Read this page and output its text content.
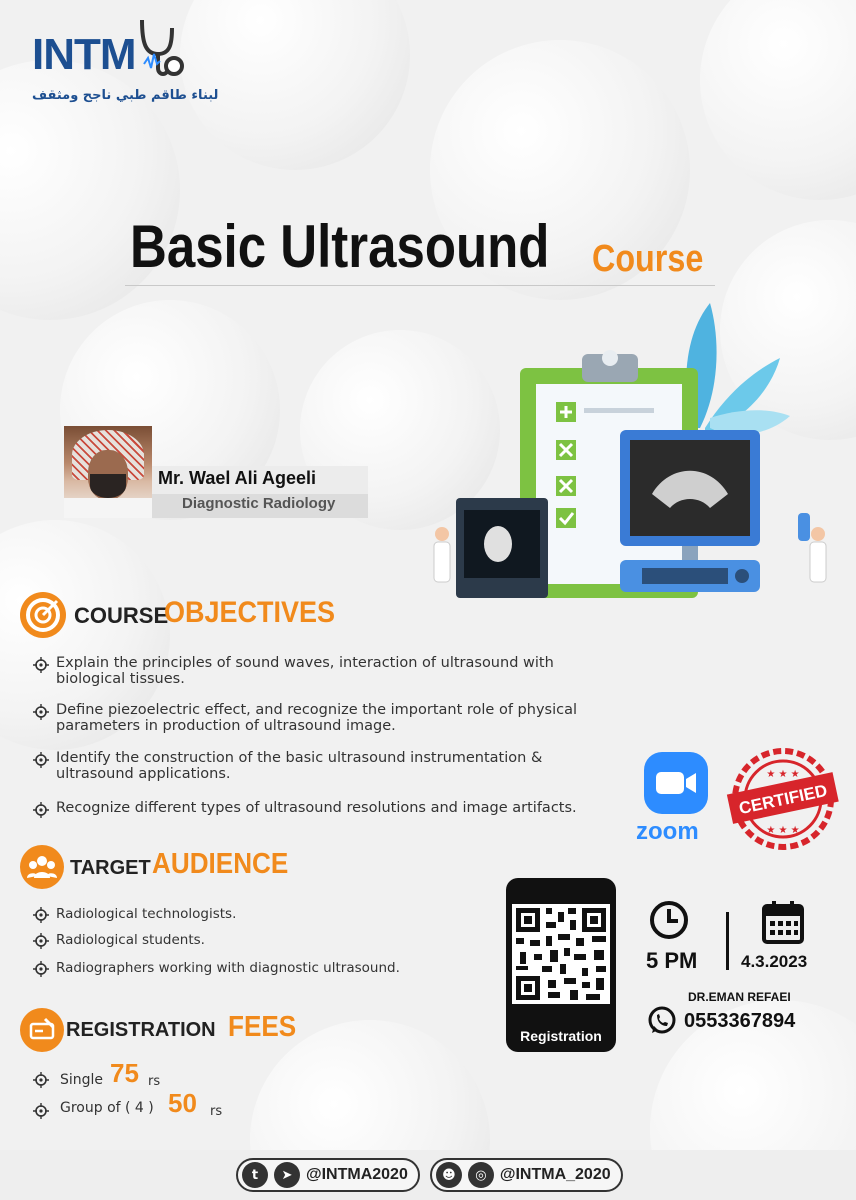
INTM
لبناء طاقم طبي ناجح ومثقف
Basic Ultrasound Course
Mr. Wael Ali Ageeli
Diagnostic Radiology
COURSE
OBJECTIVES
Explain the principles of sound waves, interaction of ultrasound with
biological tissues.
Define piezoelectric effect, and recognize the important role of physical
parameters in production of ultrasound image.
Identify the construction of the basic ultrasound instrumentation &
ultrasound applications.
Recognize different types of ultrasound resolutions and image artifacts.
zoom
CERTIFIED
★ ★ ★
★ ★ ★
TARGET AUDIENCE
Radiological technologists.
Radiological students.
Radiographers working with diagnostic ultrasound.
REGISTRATION FEES
Single 75 rs
Group of ( 4 ) 50 rs
Registration
5 PM	4.3.2023
DR.EMAN REFAEI
0553367894
t	➤ @INTMA2020	☻	◎ @INTMA_2020
